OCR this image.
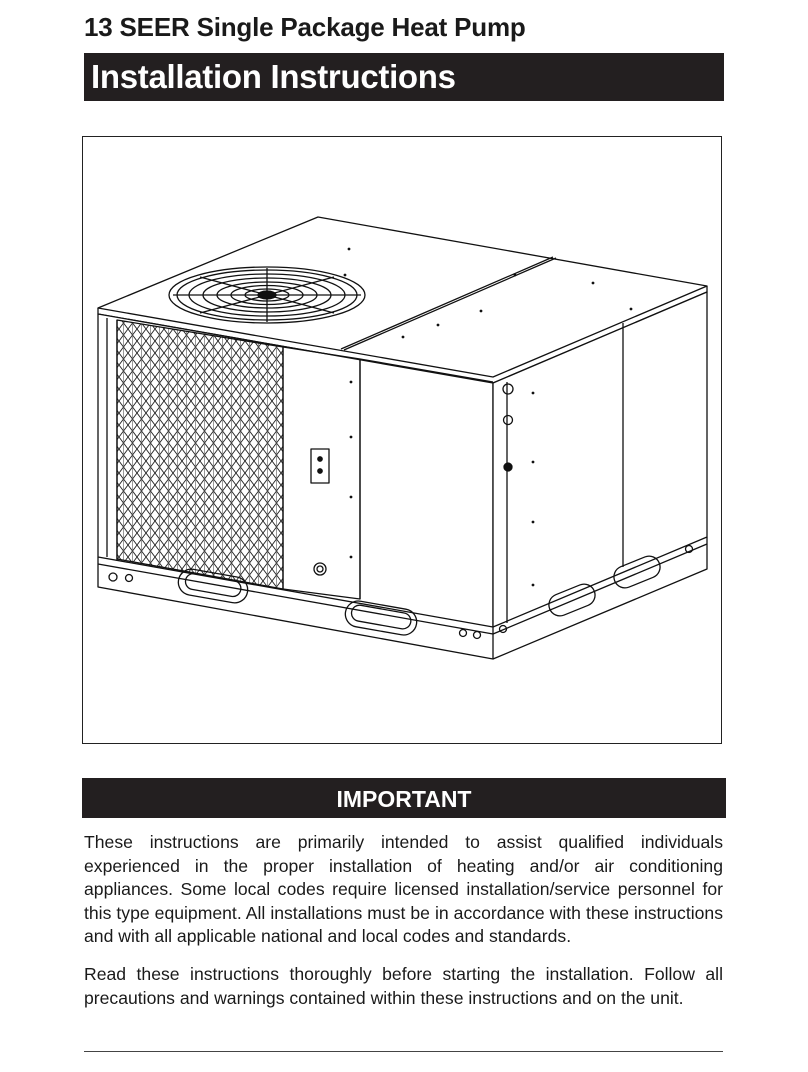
13 SEER Single Package Heat Pump
Installation Instructions
IMPORTANT

These instructions are primarily intended to assist qualified individuals experienced in the proper installation of heating and/or air conditioning appliances. Some local codes require licensed installation/service personnel for this type equipment. All installations must be in accordance with these instructions and with all applicable national and local codes and standards.

Read these instructions thoroughly before starting the installation. Follow all precautions and warnings contained within these instructions and on the unit.
